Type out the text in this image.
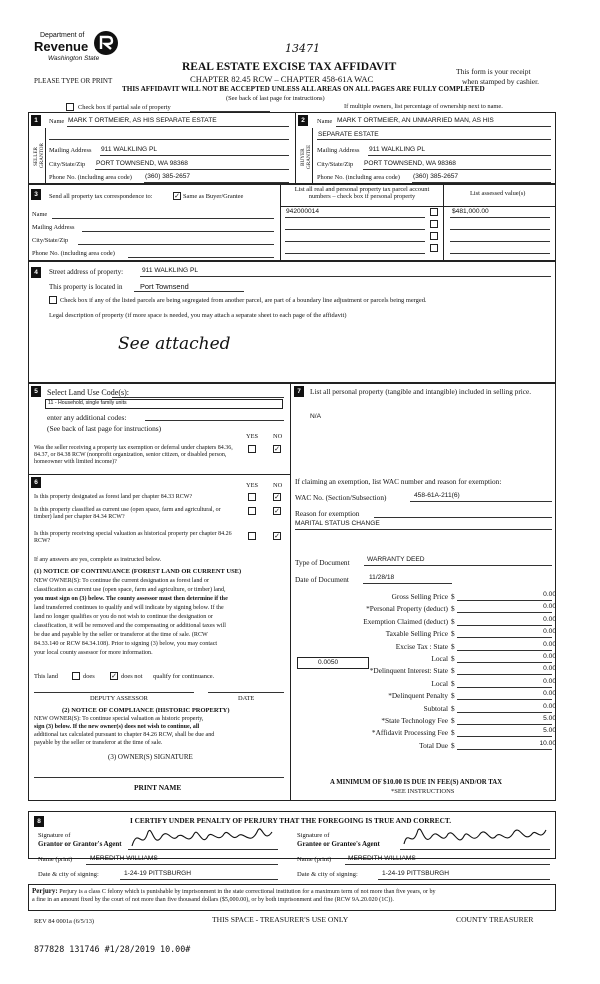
Department of
Revenue
Washington State
13471
REAL ESTATE EXCISE TAX AFFIDAVIT
CHAPTER 82.45 RCW – CHAPTER 458-61A WAC
THIS AFFIDAVIT WILL NOT BE ACCEPTED UNLESS ALL AREAS ON ALL PAGES ARE FULLY COMPLETED
(See back of last page for instructions)
PLEASE TYPE OR PRINT
This form is your receipt
when stamped by cashier.
Check box if partial sale of property	If multiple owners, list percentage of ownership next to name.
1
SELLER GRANTOR
Name MARK T ORTMEIER, AS HIS SEPARATE ESTATE
Mailing Address 911 WALKLING PL
City/State/Zip PORT TOWNSEND, WA 98368
Phone No. (including area code) (360) 385-2657
2
BUYER GRANTEE
Name MARK T ORTMEIER, AN UNMARRIED MAN, AS HIS
SEPARATE ESTATE
Mailing Address 911 WALKLING PL
City/State/Zip PORT TOWNSEND, WA 98368
Phone No. (including area code) (360) 385-2657
3	Send all property tax correspondence to:	✓ Same as Buyer/Grantee
Name
Mailing Address
City/State/Zip
Phone No. (including area code)
List all real and personal property tax parcel account numbers – check box if personal property	List assessed value(s)
942000014	$481,000.00
4	Street address of property:	911 WALKLING PL
This property is located in Port Townsend
Check box if any of the listed parcels are being segregated from another parcel, are part of a boundary line adjustment or parcels being merged.
Legal description of property (if more space is needed, you may attach a separate sheet to each page of the affidavit)
See attached
5	Select Land Use Code(s):
11 - Household, single family units
enter any additional codes:
(See back of last page for instructions)
YES NO
Was the seller receiving a property tax exemption or deferral under chapters 84.36, 84.37, or 84.38 RCW (nonprofit organization, senior citizen, or disabled person, homeowner with limited income)?
✓
6	YES NO
Is this property designated as forest land per chapter 84.33 RCW?	✓
Is this property classified as current use (open space, farm and agricultural, or timber) land per chapter 84.34 RCW?
✓
Is this property receiving special valuation as historical property per chapter 84.26 RCW?
✓
If any answers are yes, complete as instructed below.
(1) NOTICE OF CONTINUANCE (FOREST LAND OR CURRENT USE)
NEW OWNER(S): To continue the current designation as forest land or
classification as current use (open space, farm and agriculture, or timber) land,
you must sign on (3) below. The county assessor must then determine if the
land transferred continues to qualify and will indicate by signing below. If the
land no longer qualifies or you do not wish to continue the designation or
classification, it will be removed and the compensating or additional taxes will
be due and payable by the seller or transferor at the time of sale. (RCW
84.33.140 or RCW 84.34.108). Prior to signing (3) below, you may contact
your local county assessor for more information.
This land	does ✓ does not qualify for continuance.
DEPUTY ASSESSOR	DATE
(2) NOTICE OF COMPLIANCE (HISTORIC PROPERTY)
NEW OWNER(S): To continue special valuation as historic property,
sign (3) below. If the new owner(s) does not wish to continue, all
additional tax calculated pursuant to chapter 84.26 RCW, shall be due and
payable by the seller or transferor at the time of sale.
(3) OWNER(S) SIGNATURE
PRINT NAME
7	List all personal property (tangible and intangible) included in selling price.
N/A
If claiming an exemption, list WAC number and reason for exemption:
WAC No. (Section/Subsection)	458-61A-211(6)
Reason for exemption
MARITAL STATUS CHANGE
Type of Document	WARRANTY DEED
Date of Document	11/28/18
Gross Selling Price $	0.00
*Personal Property (deduct) $	0.00
Exemption Claimed (deduct) $	0.00
Taxable Selling Price $	0.00
Excise Tax : State $	0.00
Local $	0.00
*Delinquent Interest: State $	0.00
Local $	0.00
*Delinquent Penalty $	0.00
Subtotal $	0.00
*State Technology Fee $	5.00
*Affidavit Processing Fee $	5.00
Total Due $	10.00
0.0050
A MINIMUM OF $10.00 IS DUE IN FEE(S) AND/OR TAX
*SEE INSTRUCTIONS
8	I CERTIFY UNDER PENALTY OF PERJURY THAT THE FOREGOING IS TRUE AND CORRECT.
Signature of
Grantor or Grantor's Agent
Signature of
Grantee or Grantee's Agent
Name (print)	MEREDITH WILLIAMS	Name (print)	MEREDITH WILLIAMS
Date & city of signing:	1-24-19 PITTSBURGH	Date & city of signing:	1-24-19 PITTSBURGH
Perjury: Perjury is a class C felony which is punishable by imprisonment in the state correctional institution for a maximum term of not more than five years, or by
a fine in an amount fixed by the court of not more than five thousand dollars ($5,000.00), or by both imprisonment and fine (RCW 9A.20.020 (1C)).
REV 84 0001a (6/5/13)	THIS SPACE - TREASURER'S USE ONLY	COUNTY TREASURER
877828 131746 #1/28/2019 10.00#
